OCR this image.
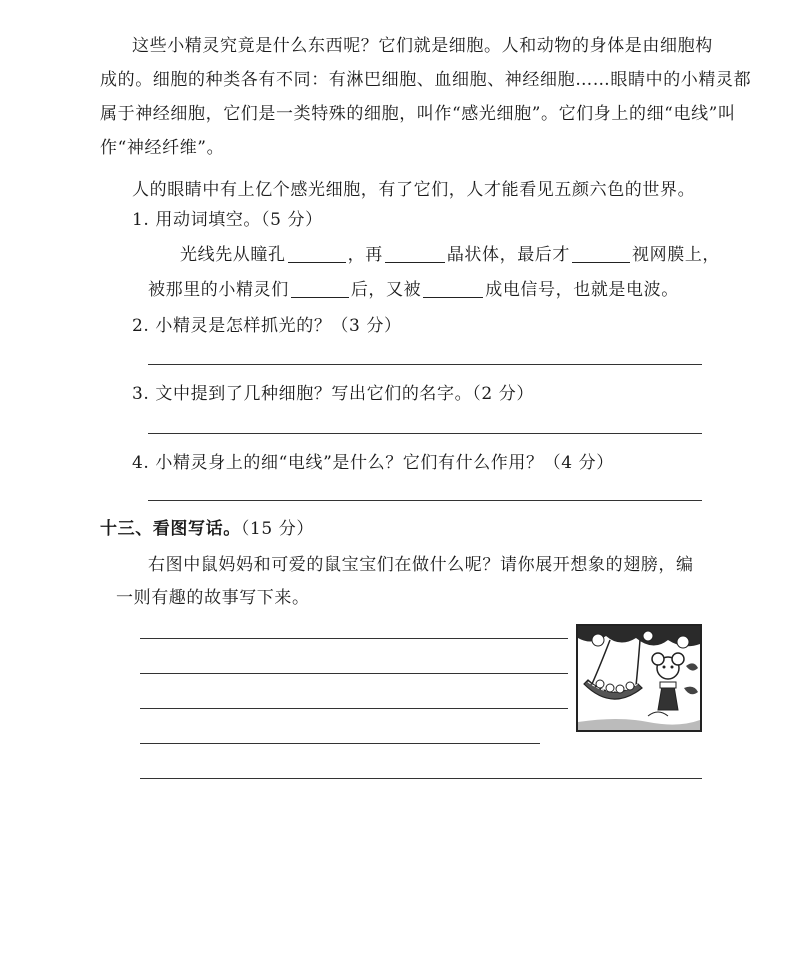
这些小精灵究竟是什么东西呢？它们就是细胞。人和动物的身体是由细胞构
成的。细胞的种类各有不同：有淋巴细胞、血细胞、神经细胞……眼睛中的小精灵都
属于神经细胞，它们是一类特殊的细胞，叫作“感光细胞”。它们身上的细“电线”叫
作“神经纤维”。
人的眼睛中有上亿个感光细胞，有了它们，人才能看见五颜六色的世界。
1. 用动词填空。（5 分）
光线先从瞳孔	，再	晶状体，最后才	视网膜上，
被那里的小精灵们	后，又被	成电信号，也就是电波。
2. 小精灵是怎样抓光的？（3 分）
3. 文中提到了几种细胞？写出它们的名字。（2 分）
4. 小精灵身上的细“电线”是什么？它们有什么作用？（4 分）
十三、看图写话。（15 分）
右图中鼠妈妈和可爱的鼠宝宝们在做什么呢？请你展开想象的翅膀，编
一则有趣的故事写下来。
